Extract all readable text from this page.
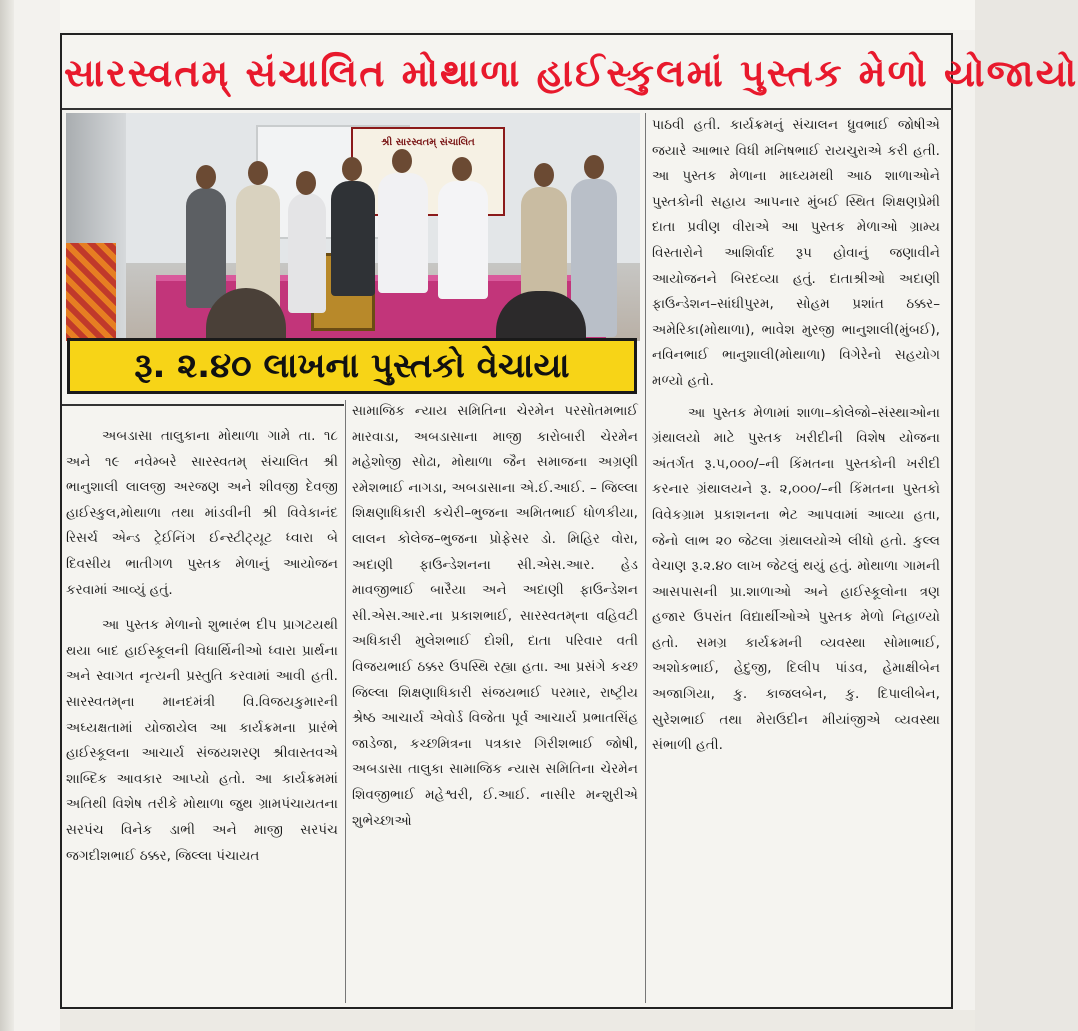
સારસ્વતમ્‌ સંચાલિત મોથાળા હાઈસ્કુલમાં પુસ્તક મેળો યોજાયો
શ્રી સારસ્વતમ્ સંચાલિત
રૂ. ૨.૪૦ લાખના પુસ્તકો વેચાયા

અબડાસા તાલુકાના મોથાળા ગામે તા. ૧૮ અને ૧૯ નવેમ્બરે સારસ્વતમ્‌ સંચાલિત શ્રી ભાનુશાલી લાલજી અરજણ અને શીવજી દેવજી હાઈસ્કુલ,મોથાળા તથા માંડવીની શ્રી વિવેકાનંદ રિસર્ચ એન્ડ ટ્રેઈનિંગ ઈન્સ્ટીટ્યૂટ ધ્વારા બે દિવસીય ભાતીગળ પુસ્તક મેળાનું આયોજન કરવામાં આવ્યું હતું.

આ પુસ્તક મેળાનો શુભારંભ દીપ પ્રાગટયથી થયા બાદ હાઈસ્કૂલની વિધાર્થિનીઓ ધ્વારા પ્રાર્થના અને સ્વાગત નૃત્યની પ્રસ્તુતિ કરવામાં આવી હતી. સારસ્વતમ્‌ના માનદમંત્રી વિ.વિજયકુમારની અઘ્યક્ષતામાં યોજાયેલ આ કાર્યક્રમના પ્રારંભે હાઈસ્કૂલના આચાર્ય સંજયશરણ શ્રીવાસ્તવએ શાબ્દિક આવકાર આપ્યો હતો. આ કાર્યક્રમમાં અતિથી વિશેષ તરીકે મોથાળા જુથ ગ્રામપંચાયતના સરપંચ વિનેક ડાભી અને માજી સરપંચ જગદીશભાઈ ઠક્કર, જિલ્લા પંચાયત

સામાજિક ન્યાય સમિતિના ચેરમેન પરસોતમભાઈ મારવાડા, અબડાસાના માજી કારોબારી ચેરમેન મહેશોજી સોઢા, મોથાળા જૈન સમાજના અગ્રણી રમેશભાઈ નાગડા, અબડાસાના એ.ઈ.આઈ. – જિલ્લા શિક્ષણાધિકારી કચેરી–ભુજના અમિતભાઈ ધોળકીયા, લાલન કોલેજ–ભુજના પ્રોફેસર ડો. મિહિર વોરા, અદાણી ફાઉન્ડેશનના સી.એસ.આર. હેડ માવજીભાઈ બારૈયા અને અદાણી ફાઉન્ડેશન સી.એસ.આર.ના પ્રકાશભાઈ, સારસ્વતમ્‌ના વહિવટી અધિકારી મુલેશભાઈ દોશી, દાતા પરિવાર વતી વિજયભાઈ ઠક્કર ઉપસ્થિ રહ્યા હતા. આ પ્રસંગે કચ્છ જિલ્લા શિક્ષણાધિકારી સંજયભાઈ પરમાર, રાષ્ટ્રીય શ્રેષ્ઠ આચાર્ય એવોર્ડ વિજેતા પૂર્વ આચાર્ય પ્રભાતસિંહ જાડેજા, કચ્છમિત્રના પત્રકાર ગિરીશભાઈ જોષી, અબડાસા તાલુકા સામાજિક ન્યાસ સમિતિના ચેરમેન શિવજીભાઈ મહેશ્વરી, ઈ.આઈ. નાસીર મન્શુરીએ શુભેચ્છાઓ

પાઠવી હતી. કાર્યક્રમનું સંચાલન ધ્રુવભાઈ જોષીએ જયારે આભાર વિધી મનિષભાઈ રાયચુરાએ કરી હતી. આ પુસ્તક મેળાના માઘ્યમથી આઠ શાળાઓને પુસ્તકોની સહાય આપનાર મુંબઈ સ્થિત શિક્ષણપ્રેમી દાતા પ્રવીણ વીરાએ આ પુસ્તક મેળાઓ ગ્રામ્ય વિસ્તારોને આશિર્વાદ રૂપ હોવાનું જણાવીને આયોજનને બિરદવ્યા હતું. દાતાશ્રીઓ અદાણી ફાઉન્ડેશન–સાંઘીપુરમ, સોહમ પ્રશાંત ઠક્કર–અમેરિકા(મોથાળા), ભાવેશ મુરજી ભાનુશાલી(મુંબઈ), નવિનભાઈ ભાનુશાલી(મોથાળા) વિગેરેનો સહયોગ મળ્યો હતો.

આ પુસ્તક મેળામાં શાળા–કોલેજો–સંસ્થાઓના ગ્રંથાલયો માટે પુસ્તક ખરીદીની વિશેષ યોજના અંતર્ગત રૂ.૫,૦૦૦/–ની કિંમતના પુસ્તકોની ખરીદી કરનાર ગ્રંથાલયને રૂ. ૨,૦૦૦/–ની કિંમતના પુસ્તકો વિવેકગ્રામ પ્રકાશનના ભેટ આપવામાં આવ્યા હતા, જેનો લાભ ૨૦ જેટલા ગ્રંથાલયોએ લીધો હતો. કુલ્લ વેચાણ રૂ.૨.૪૦ લાખ જેટલું થયું હતું. મોથાળા ગામની આસપાસની પ્રા.શાળાઓ અને હાઈસ્કૂલોના ત્રણ હજાર ઉપરાંત વિદ્યાર્થીઓએ પુસ્તક મેળો નિહાળ્યો હતો. સમગ્ર કાર્યક્રમની વ્યવસ્થા સોમાભાઈ, અશોકભાઈ, હેદુજી, દિલીપ પાંડવ, હેમાક્ષીબેન અજાગિયા, કુ. કાજલબેન, કુ. દિપાલીબેન, સુરેશભાઈ તથા મેરાઉદીન મીયાંજીએ વ્યવસ્થા સંભાળી હતી.
